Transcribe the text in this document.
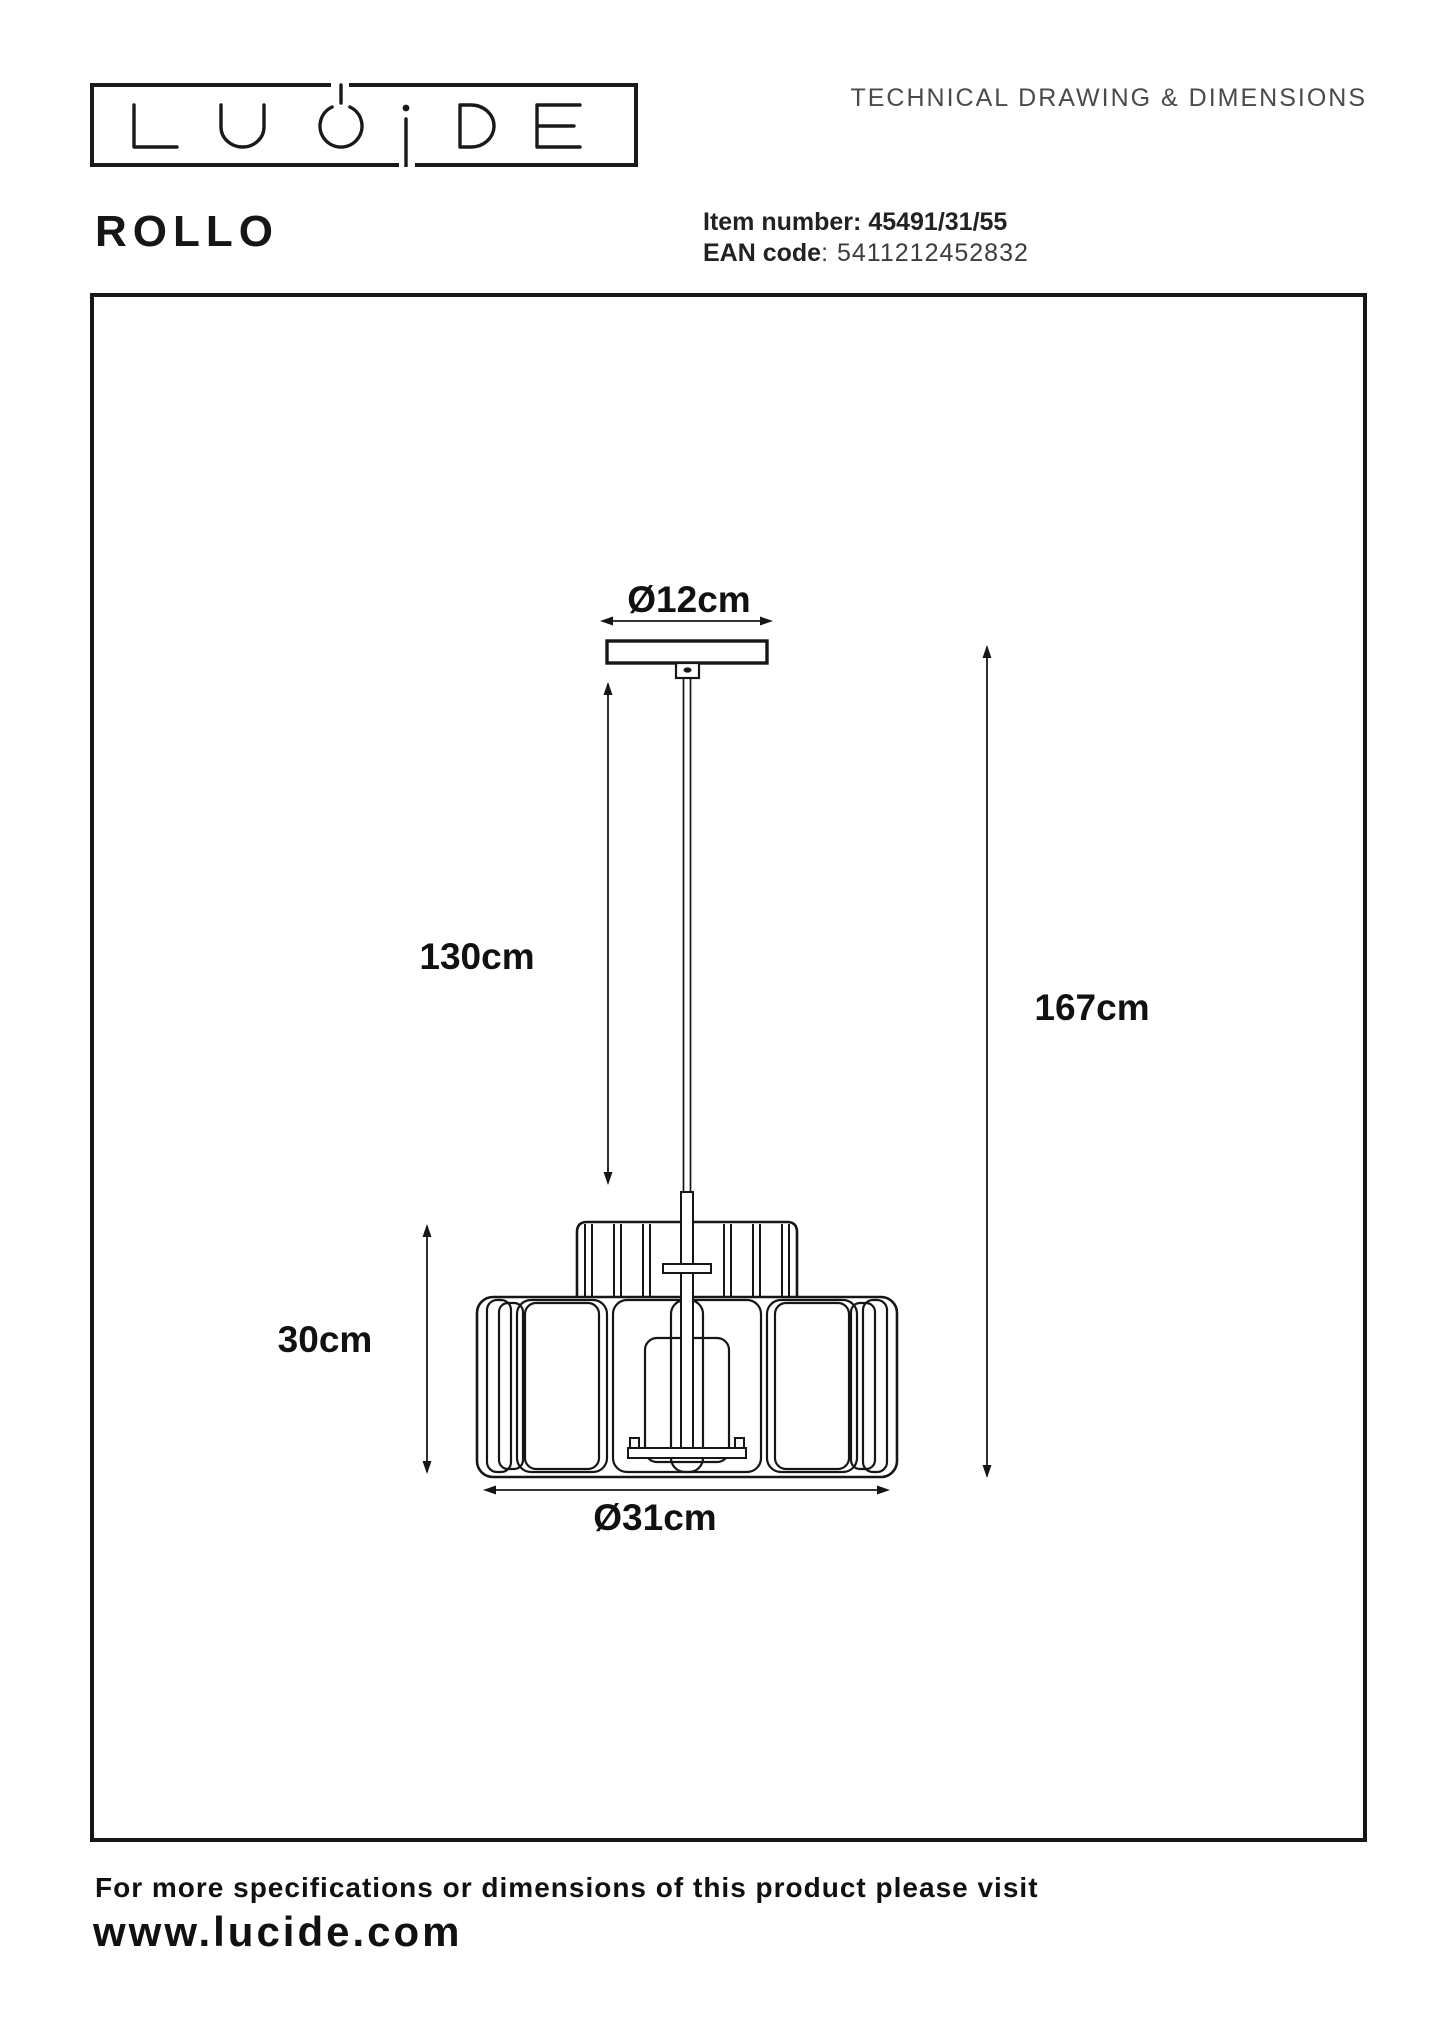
TECHNICAL DRAWING & DIMENSIONS
ROLLO	Item number: 45491/31/55
EAN code: 5411212452832
Ø12cm
130cm
167cm
30cm
Ø31cm
For more specifications or dimensions of this product please visit
www.lucide.com
